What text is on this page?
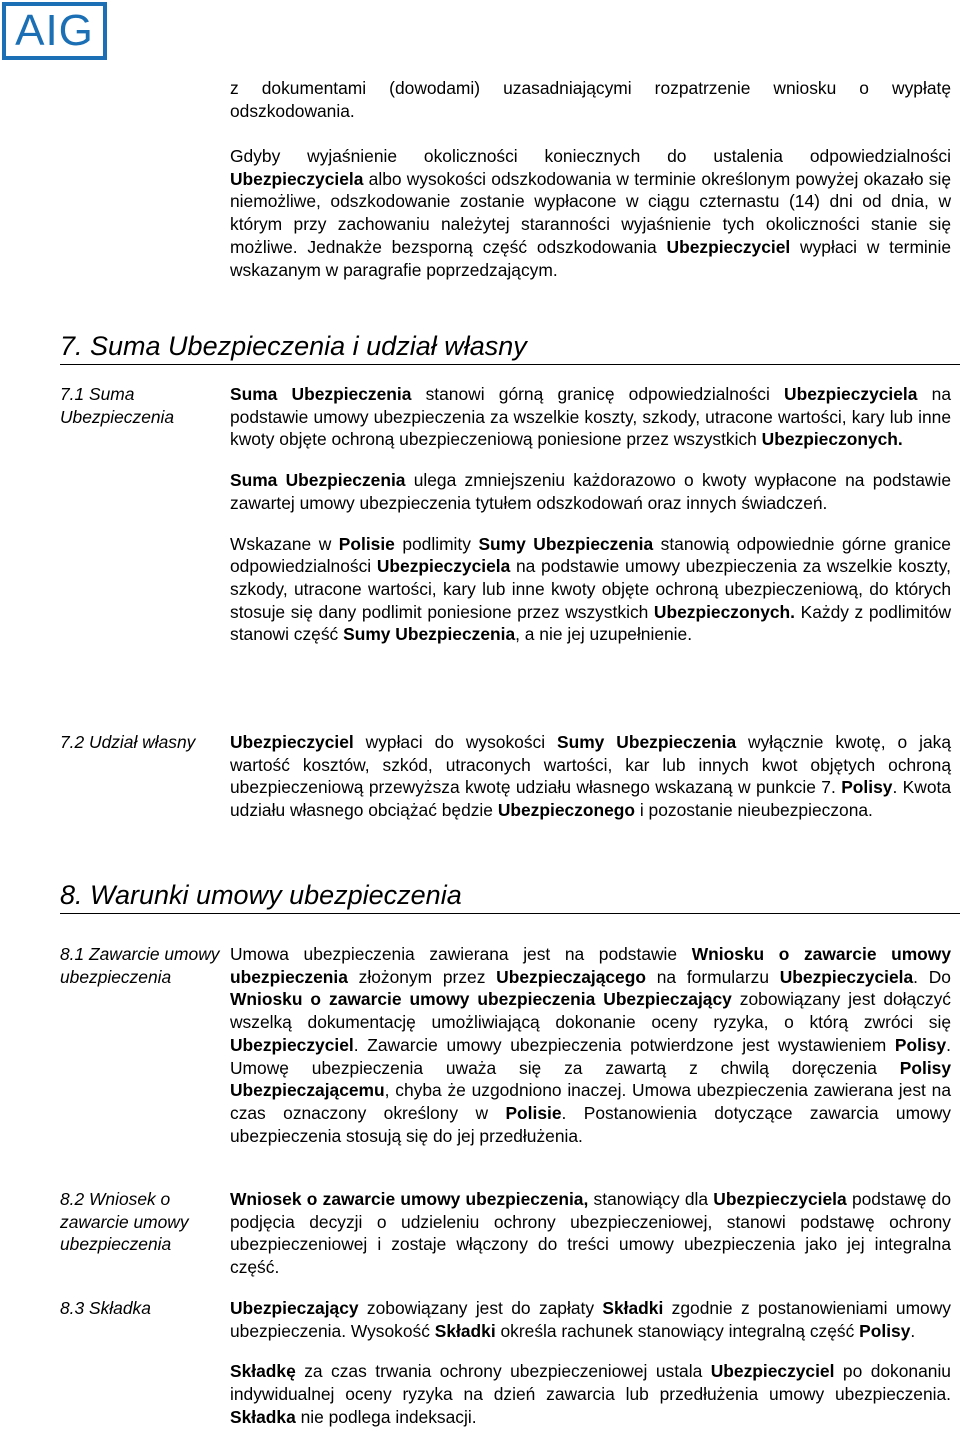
AIG

z dokumentami (dowodami) uzasadniającymi rozpatrzenie wniosku o wypłatę odszkodowania.

Gdyby wyjaśnienie okoliczności koniecznych do ustalenia odpowiedzialności Ubezpieczyciela albo wysokości odszkodowania w terminie określonym powyżej okazało się niemożliwe, odszkodowanie zostanie wypłacone w ciągu czternastu (14) dni od dnia, w którym przy zachowaniu należytej staranności wyjaśnienie tych okoliczności stanie się możliwe. Jednakże bezsporną część odszkodowania Ubezpieczyciel wypłaci w terminie wskazanym w paragrafie poprzedzającym.

7. Suma Ubezpieczenia i udział własny
7.1 Suma Ubezpieczenia

Suma Ubezpieczenia stanowi górną granicę odpowiedzialności Ubezpieczyciela na podstawie umowy ubezpieczenia za wszelkie koszty, szkody, utracone wartości, kary lub inne kwoty objęte ochroną ubezpieczeniową poniesione przez wszystkich Ubezpieczonych.

Suma Ubezpieczenia ulega zmniejszeniu każdorazowo o kwoty wypłacone na podstawie zawartej umowy ubezpieczenia tytułem odszkodowań oraz innych świadczeń.

Wskazane w Polisie podlimity Sumy Ubezpieczenia stanowią odpowiednie górne granice odpowiedzialności Ubezpieczyciela na podstawie umowy ubezpieczenia za wszelkie koszty, szkody, utracone wartości, kary lub inne kwoty objęte ochroną ubezpieczeniową, do których stosuje się dany podlimit poniesione przez wszystkich Ubezpieczonych. Każdy z podlimitów stanowi część Sumy Ubezpieczenia, a nie jej uzupełnienie.

7.2 Udział własny	Ubezpieczyciel wypłaci do wysokości Sumy Ubezpieczenia wyłącznie kwotę, o jaką wartość kosztów, szkód, utraconych wartości, kar lub innych kwot objętych ochroną ubezpieczeniową przewyższa kwotę udziału własnego wskazaną w punkcie 7. Polisy. Kwota udziału własnego obciążać będzie Ubezpieczonego i pozostanie nieubezpieczona.

8. Warunki umowy ubezpieczenia
8.1 Zawarcie umowy ubezpieczenia

Umowa ubezpieczenia zawierana jest na podstawie Wniosku o zawarcie umowy ubezpieczenia złożonym przez Ubezpieczającego na formularzu Ubezpieczyciela. Do Wniosku o zawarcie umowy ubezpieczenia Ubezpieczający zobowiązany jest dołączyć wszelką dokumentację umożliwiającą dokonanie oceny ryzyka, o którą zwróci się Ubezpieczyciel. Zawarcie umowy ubezpieczenia potwierdzone jest wystawieniem Polisy. Umowę ubezpieczenia uważa się za zawartą z chwilą doręczenia Polisy Ubezpieczającemu, chyba że uzgodniono inaczej. Umowa ubezpieczenia zawierana jest na czas oznaczony określony w Polisie. Postanowienia dotyczące zawarcia umowy ubezpieczenia stosują się do jej przedłużenia.

8.2 Wniosek o zawarcie umowy ubezpieczenia

Wniosek o zawarcie umowy ubezpieczenia, stanowiący dla Ubezpieczyciela podstawę do podjęcia decyzji o udzieleniu ochrony ubezpieczeniowej, stanowi podstawę ochrony ubezpieczeniowej i zostaje włączony do treści umowy ubezpieczenia jako jej integralna część.

8.3 Składka	Ubezpieczający zobowiązany jest do zapłaty Składki zgodnie z postanowieniami umowy ubezpieczenia. Wysokość Składki określa rachunek stanowiący integralną część Polisy.

Składkę za czas trwania ochrony ubezpieczeniowej ustala Ubezpieczyciel po dokonaniu indywidualnej oceny ryzyka na dzień zawarcia lub przedłużenia umowy ubezpieczenia. Składka nie podlega indeksacji.
